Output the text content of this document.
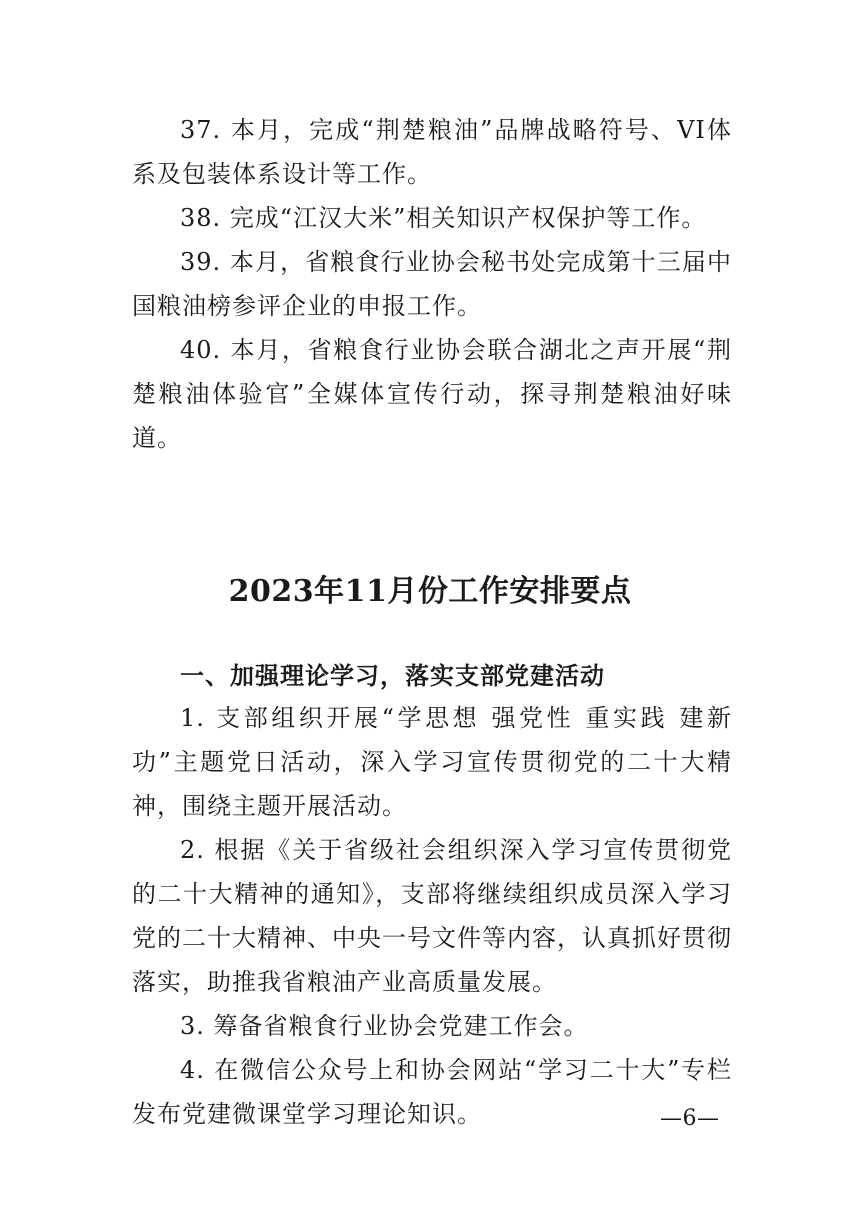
37. 本月，完成“荆楚粮油”品牌战略符号、VI体系及包装体系设计等工作。

38. 完成“江汉大米”相关知识产权保护等工作。

39. 本月，省粮食行业协会秘书处完成第十三届中国粮油榜参评企业的申报工作。

40. 本月，省粮食行业协会联合湖北之声开展“荆楚粮油体验官”全媒体宣传行动，探寻荆楚粮油好味道。

2023年11月份工作安排要点
一、加强理论学习，落实支部党建活动

1. 支部组织开展“学思想 强党性 重实践 建新功”主题党日活动，深入学习宣传贯彻党的二十大精神，围绕主题开展活动。

2. 根据《关于省级社会组织深入学习宣传贯彻党的二十大精神的通知》，支部将继续组织成员深入学习党的二十大精神、中央一号文件等内容，认真抓好贯彻落实，助推我省粮油产业高质量发展。

3. 筹备省粮食行业协会党建工作会。

4. 在微信公众号上和协会网站“学习二十大”专栏发布党建微课堂学习理论知识。	—6—
